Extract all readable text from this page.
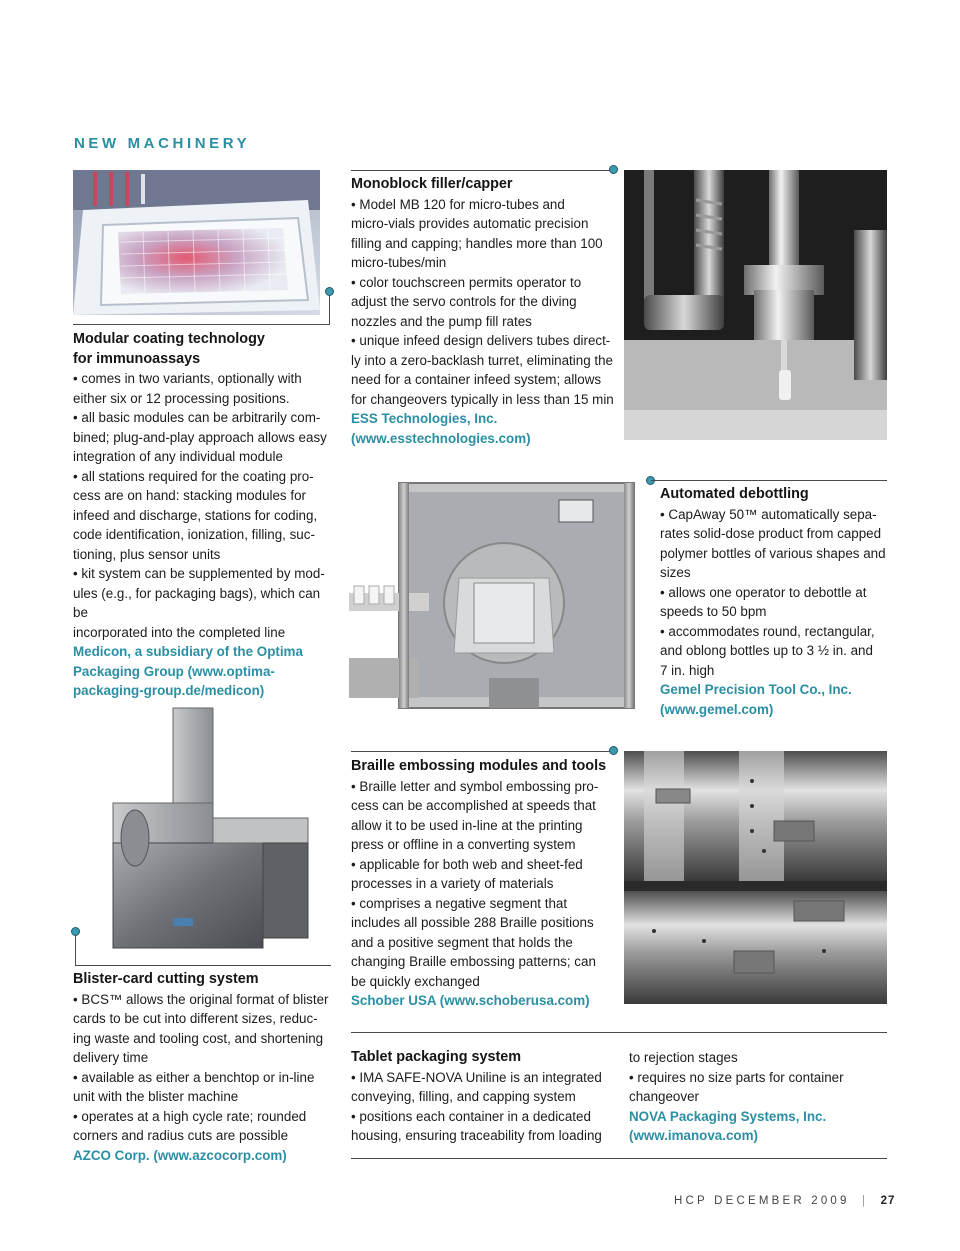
NEW MACHINERY
Modular coating technology
for immunoassays
• comes in two variants, optionally with
either six or 12 processing positions.
• all basic modules can be arbitrarily com-
bined; plug-and-play approach allows easy
integration of any individual module
• all stations required for the coating pro-
cess are on hand: stacking modules for
infeed and discharge, stations for coding,
code identification, ionization, filling, suc-
tioning, plus sensor units
• kit system can be supplemented by mod-
ules (e.g., for packaging bags), which can be
incorporated into the completed line
Medicon, a subsidiary of the Optima
Packaging Group (www.optima-
packaging-group.de/medicon)
Monoblock filler/capper
• Model MB 120 for micro-tubes and
micro-vials provides automatic precision
filling and capping; handles more than 100
micro-tubes/min
• color touchscreen permits operator to
adjust the servo controls for the diving
nozzles and the pump fill rates
• unique infeed design delivers tubes direct-
ly into a zero-backlash turret, eliminating the
need for a container infeed system; allows
for changeovers typically in less than 15 min
ESS Technologies, Inc.
(www.esstechnologies.com)
Automated debottling
• CapAway 50™ automatically sepa-
rates solid-dose product from capped
polymer bottles of various shapes and
sizes
• allows one operator to debottle at
speeds to 50 bpm
• accommodates round, rectangular,
and oblong bottles up to 3 ½ in. and
7 in. high
Gemel Precision Tool Co., Inc.
(www.gemel.com)
Blister-card cutting system
• BCS™ allows the original format of blister
cards to be cut into different sizes, reduc-
ing waste and tooling cost, and shortening
delivery time
• available as either a benchtop or in-line
unit with the blister machine
• operates at a high cycle rate; rounded
corners and radius cuts are possible
AZCO Corp. (www.azcocorp.com)
Braille embossing modules and tools
• Braille letter and symbol embossing pro-
cess can be accomplished at speeds that
allow it to be used in-line at the printing
press or offline in a converting system
• applicable for both web and sheet-fed
processes in a variety of materials
• comprises a negative segment that
includes all possible 288 Braille positions
and a positive segment that holds the
changing Braille embossing patterns; can
be quickly exchanged
Schober USA (www.schoberusa.com)
Tablet packaging system
• IMA SAFE-NOVA Uniline is an integrated
conveying, filling, and capping system
• positions each container in a dedicated
housing, ensuring traceability from loading
to rejection stages
• requires no size parts for container
changeover
NOVA Packaging Systems, Inc.
(www.imanova.com)
HCP DECEMBER 2009 | 27
